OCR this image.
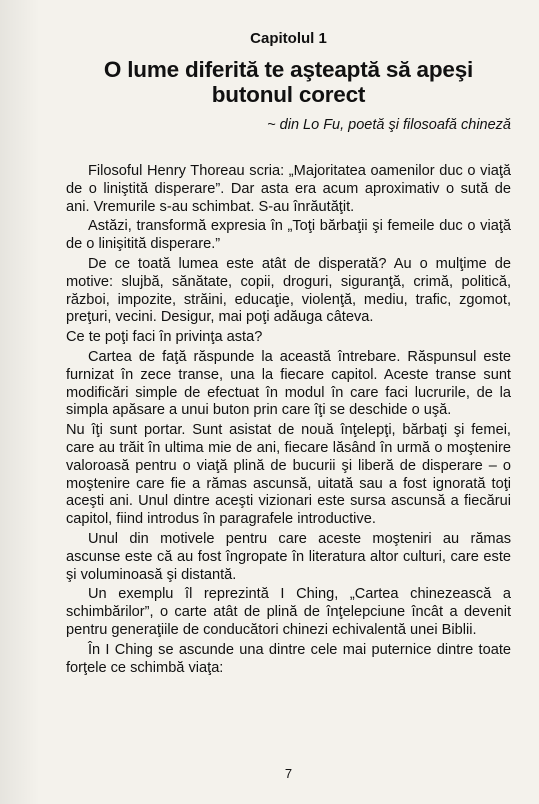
Capitolul 1
O lume diferită te aşteaptă să apeşi butonul corect
~ din Lo Fu, poetă şi filosoafă chineză

Filosoful Henry Thoreau scria: „Majoritatea oamenilor duc o viaţă de o liniştită disperare”. Dar asta era acum aproximativ o sută de ani. Vremurile s-au schimbat. S-au înrăutăţit.

Astăzi, transformă expresia în „Toţi bărbaţii şi femeile duc o viaţă de o linişitită disperare.”

De ce toată lumea este atât de disperată? Au o mulţime de motive: slujbă, sănătate, copii, droguri, siguranţă, crimă, politică, război, impozite, străini, educaţie, violenţă, mediu, trafic, zgomot, preţuri, vecini. Desigur, mai poţi adăuga câteva.

Ce te poţi faci în privinţa asta?

Cartea de faţă răspunde la această întrebare. Răspunsul este furnizat în zece transe, una la fiecare capitol. Aceste transe sunt modificări simple de efectuat în modul în care faci lucrurile, de la simpla apăsare a unui buton prin care îţi se deschide o uşă.

Nu îţi sunt portar. Sunt asistat de nouă înţelepţi, bărbaţi şi femei, care au trăit în ultima mie de ani, fiecare lăsând în urmă o moştenire valoroasă pentru o viaţă plină de bucurii şi liberă de disperare – o moştenire care fie a rămas ascunsă, uitată sau a fost ignorată toţi aceşti ani. Unul dintre aceşti vizionari este sursa ascunsă a fiecărui capitol, fiind introdus în paragrafele introductive.

Unul din motivele pentru care aceste moşteniri au rămas ascunse este că au fost îngropate în literatura altor culturi, care este şi voluminoasă şi distantă.

Un exemplu îl reprezintă I Ching, „Cartea chinezească a schimbărilor”, o carte atât de plină de înţelepciune încât a devenit pentru generaţiile de conducători chinezi echivalentă unei Biblii.

În I Ching se ascunde una dintre cele mai puternice dintre toate forţele ce schimbă viaţa:

7
